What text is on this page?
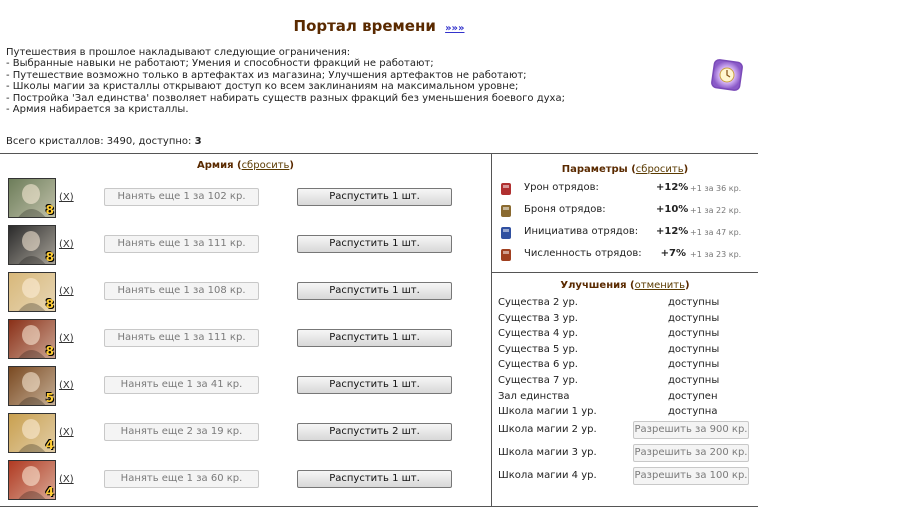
Портал времени »»»
Путешествия в прошлое накладывают следующие ограничения:
- Выбранные навыки не работают; Умения и способности фракций не работают;
- Путешествие возможно только в артефактах из магазина; Улучшения артефактов не работают;
- Школы магии за кристаллы открывают доступ ко всем заклинаниям на максимальном уровне;
- Постройка 'Зал единства' позволяет набирать существ разных фракций без уменьшения боевого духа;
- Армия набирается за кристаллы.
Всего кристаллов: 3490, доступно: 3
Армия (сбросить)
8
(X)	Нанять еще 1 за 102 кр.	Распустить 1 шт.
8
(X)	Нанять еще 1 за 111 кр.	Распустить 1 шт.
8
(X)	Нанять еще 1 за 108 кр.	Распустить 1 шт.
8
(X)	Нанять еще 1 за 111 кр.	Распустить 1 шт.
5
(X)	Нанять еще 1 за 41 кр.	Распустить 1 шт.
4
(X)	Нанять еще 2 за 19 кр.	Распустить 2 шт.
4
(X)	Нанять еще 1 за 60 кр.	Распустить 1 шт.
Параметры (сбросить)
Урон отрядов:	+12% +1 за 36 кр.
Броня отрядов:	+10% +1 за 22 кр.
Инициатива отрядов: +12% +1 за 47 кр.
Численность отрядов:	+7% +1 за 23 кр.
Улучшения (отменить)
Существа 2 ур.	доступны
Существа 3 ур.	доступны
Существа 4 ур.	доступны
Существа 5 ур.	доступны
Существа 6 ур.	доступны
Существа 7 ур.	доступны
Зал единства	доступен
Школа магии 1 ур.	доступна
Школа магии 2 ур.	Разрешить за 900 кр.
Школа магии 3 ур.	Разрешить за 200 кр.
Школа магии 4 ур.	Разрешить за 100 кр.
